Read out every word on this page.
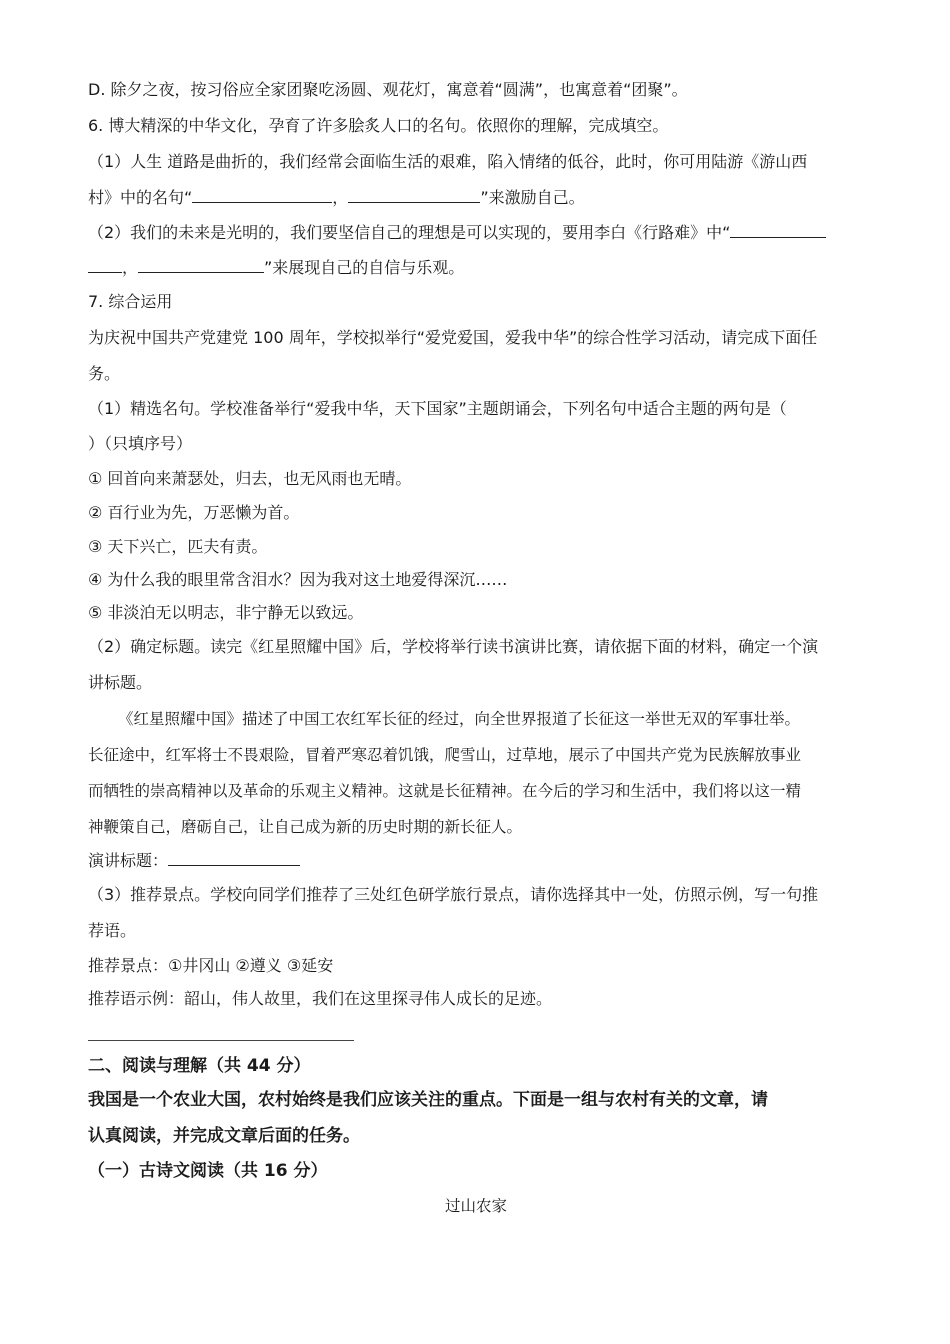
D. 除夕之夜，按习俗应全家团聚吃汤圆、观花灯，寓意着“圆满”，也寓意着“团聚”。
6. 博大精深的中华文化，孕育了许多脍炙人口的名句。依照你的理解，完成填空。
（1）人生 道路是曲折的，我们经常会面临生活的艰难，陷入情绪的低谷，此时，你可用陆游《游山西
村》中的名句“	，	”来激励自己。
（2）我们的未来是光明的，我们要坚信自己的理想是可以实现的，要用李白《行路难》中“
，	”来展现自己的自信与乐观。
7. 综合运用
为庆祝中国共产党建党 100 周年，学校拟举行“爱党爱国，爱我中华”的综合性学习活动，请完成下面任
务。
（1）精选名句。学校准备举行“爱我中华，天下国家”主题朗诵会，下列名句中适合主题的两句是（
）（只填序号）
① 回首向来萧瑟处，归去，也无风雨也无晴。
② 百行业为先，万恶懒为首。
③ 天下兴亡，匹夫有责。
④ 为什么我的眼里常含泪水？因为我对这土地爱得深沉……
⑤ 非淡泊无以明志，非宁静无以致远。
（2）确定标题。读完《红星照耀中国》后，学校将举行读书演讲比赛，请依据下面的材料，确定一个演
讲标题。
《红星照耀中国》描述了中国工农红军长征的经过，向全世界报道了长征这一举世无双的军事壮举。
长征途中，红军将士不畏艰险，冒着严寒忍着饥饿，爬雪山，过草地，展示了中国共产党为民族解放事业
而牺牲的崇高精神以及革命的乐观主义精神。这就是长征精神。在今后的学习和生活中，我们将以这一精
神鞭策自己，磨砺自己，让自己成为新的历史时期的新长征人。
演讲标题：
（3）推荐景点。学校向同学们推荐了三处红色研学旅行景点，请你选择其中一处，仿照示例，写一句推
荐语。
推荐景点：①井冈山 ②遵义 ③延安
推荐语示例：韶山，伟人故里，我们在这里探寻伟人成长的足迹。
二、阅读与理解（共 44 分）
我国是一个农业大国，农村始终是我们应该关注的重点。下面是一组与农村有关的文章，请
认真阅读，并完成文章后面的任务。
（一）古诗文阅读（共 16 分）
过山农家
